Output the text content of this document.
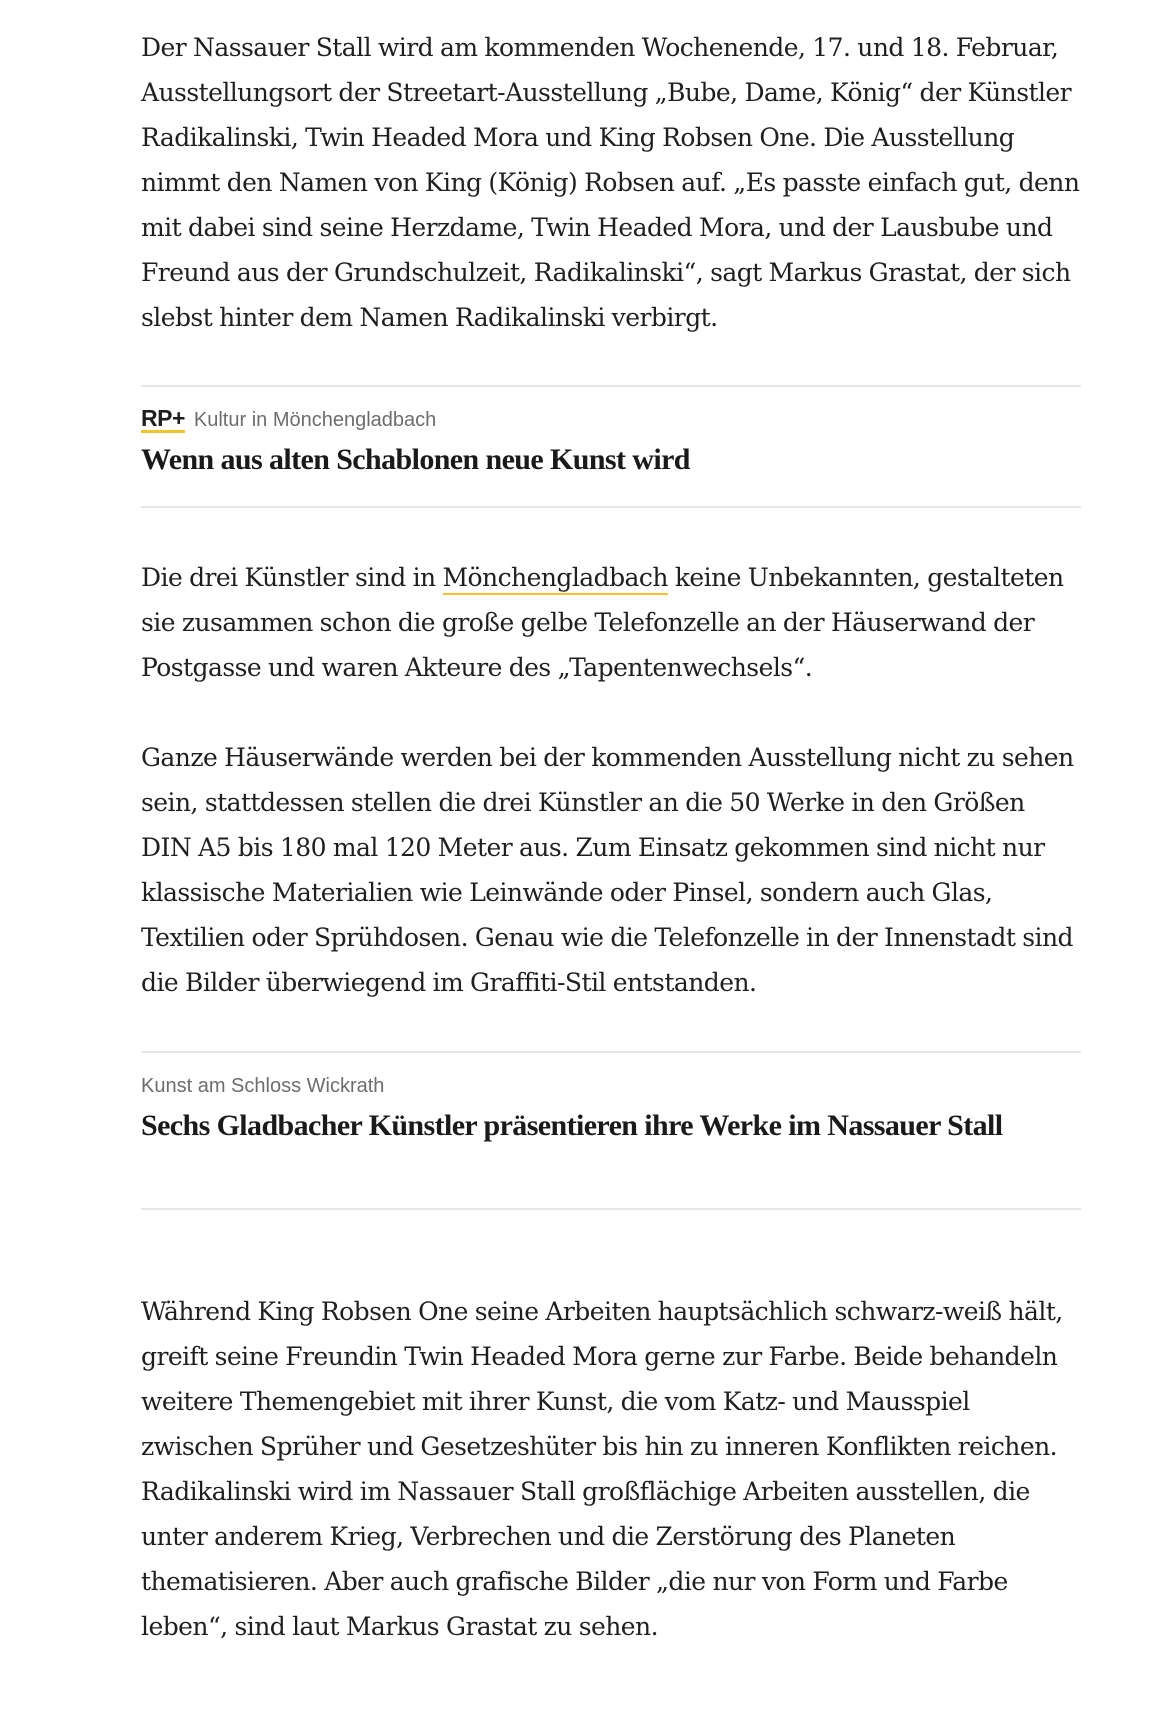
Der Nassauer Stall wird am kommenden Wochenende, 17. und 18. Februar, Ausstellungsort der Streetart-Ausstellung „Bube, Dame, König“ der Künstler Radikalinski, Twin Headed Mora und King Robsen One. Die Ausstellung nimmt den Namen von King (König) Robsen auf. „Es passte einfach gut, denn mit dabei sind seine Herzdame, Twin Headed Mora, und der Lausbube und Freund aus der Grundschulzeit, Radikalinski“, sagt Markus Grastat, der sich slebst hinter dem Namen Radikalinski verbirgt.

RP+ Kultur in Mönchengladbach
Wenn aus alten Schablonen neue Kunst wird

Die drei Künstler sind in Mönchengladbach keine Unbekannten, gestalteten sie zusammen schon die große gelbe Telefonzelle an der Häuserwand der Postgasse und waren Akteure des „Tapentenwechsels“.

Ganze Häuserwände werden bei der kommenden Ausstellung nicht zu sehen sein, stattdessen stellen die drei Künstler an die 50 Werke in den Größen DIN A5 bis 180 mal 120 Meter aus. Zum Einsatz gekommen sind nicht nur klassische Materialien wie Leinwände oder Pinsel, sondern auch Glas, Textilien oder Sprühdosen. Genau wie die Telefonzelle in der Innenstadt sind die Bilder überwiegend im Graffiti-Stil entstanden.

Kunst am Schloss Wickrath
Sechs Gladbacher Künstler präsentieren ihre Werke im Nassauer Stall

Während King Robsen One seine Arbeiten hauptsächlich schwarz-weiß hält, greift seine Freundin Twin Headed Mora gerne zur Farbe. Beide behandeln weitere Themengebiet mit ihrer Kunst, die vom Katz- und Mausspiel zwischen Sprüher und Gesetzeshüter bis hin zu inneren Konflikten reichen. Radikalinski wird im Nassauer Stall großflächige Arbeiten ausstellen, die unter anderem Krieg, Verbrechen und die Zerstörung des Planeten thematisieren. Aber auch grafische Bilder „die nur von Form und Farbe leben“, sind laut Markus Grastat zu sehen.
